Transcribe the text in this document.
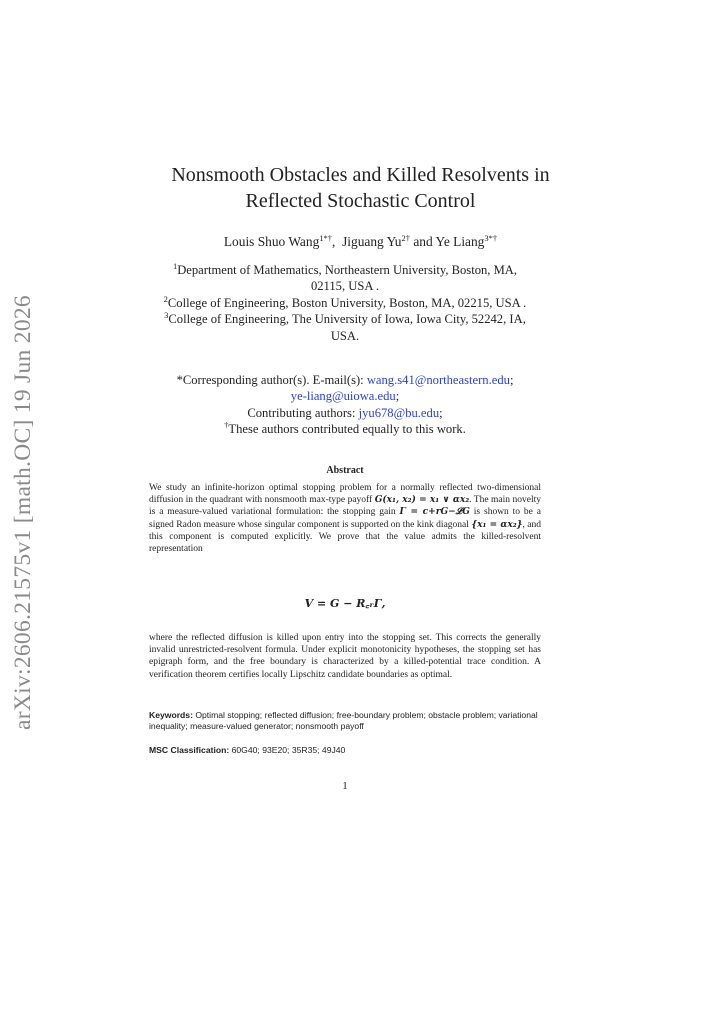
arXiv:2606.21575v1 [math.OC] 19 Jun 2026
Nonsmooth Obstacles and Killed Resolvents in
Reflected Stochastic Control
Louis Shuo Wang$^{1*\dagger}$,  Jiguang $Yu^{2\dagger}$ and Ye Liang$^{3*\dagger}$
$^1$Department of Mathematics, Northeastern University, Boston, MA,
02115, USA .
$^2$College of Engineering, Boston University, Boston, MA, 02215, USA .
$^3$College of Engineering, The University of Iowa, Iowa City, 52242, IA,
USA.
*Corresponding author(s). E-mail(s): wang.s41@northeastern.edu;
ye-liang@uiowa.edu;
Contributing authors: jyu678@bu.edu;
†These authors contributed equally to this work.
Abstract

We study an infinite-horizon optimal stopping problem for a normally reflected two-dimensional diffusion in the quadrant with nonsmooth max-type payoff G(x₁, x₂) = x₁ ∨ αx₂. The main novelty is a measure-valued variational formulation: the stopping gain Γ = c+rG−𝓛G is shown to be a signed Radon measure whose singular component is supported on the kink diagonal {x₁ = αx₂}, and this component is computed explicitly. We prove that the value admits the killed-resolvent representation

V = G − R꜀ᵣΓ,

where the reflected diffusion is killed upon entry into the stopping set. This corrects the generally invalid unrestricted-resolvent formula. Under explicit monotonicity hypotheses, the stopping set has epigraph form, and the free boundary is characterized by a killed-potential trace condition. A verification theorem certifies locally Lipschitz candidate boundaries as optimal.

Keywords: Optimal stopping; reflected diffusion; free-boundary problem; obstacle problem; variational inequality; measure-valued generator; nonsmooth payoff
MSC Classification: 60G40; 93E20; 35R35; 49J40
1
